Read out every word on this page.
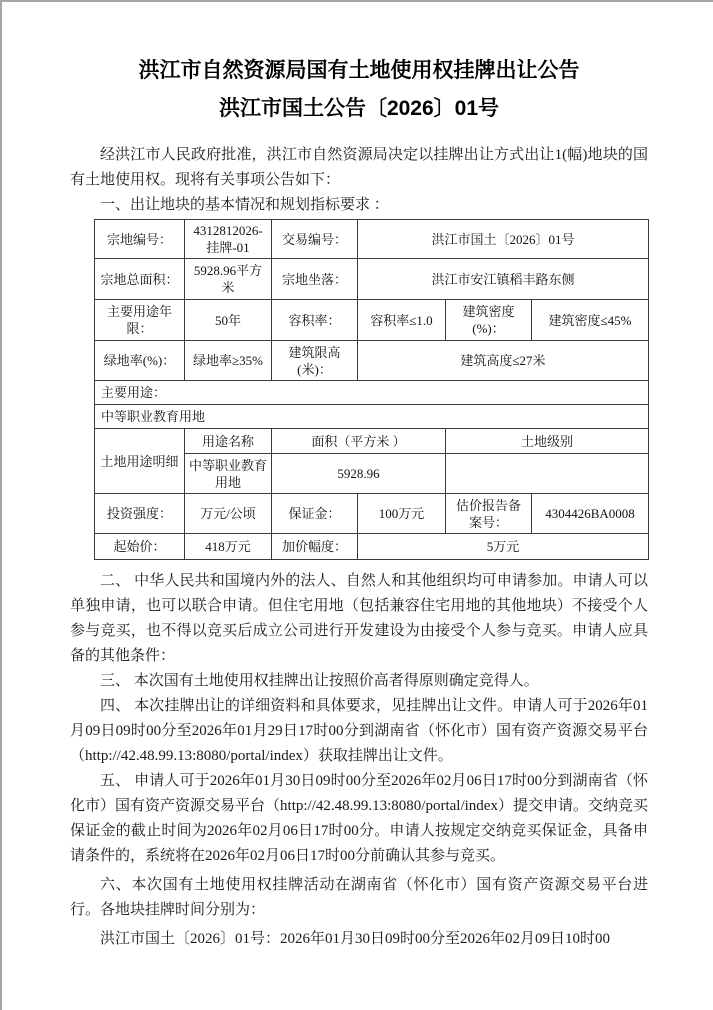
洪江市自然资源局国有土地使用权挂牌出让公告
洪江市国土公告〔2026〕01号

经洪江市人民政府批准，洪江市自然资源局决定以挂牌出让方式出让1(幅)地块的国有土地使用权。现将有关事项公告如下：

一、出让地块的基本情况和规划指标要求 ：

宗地编号：	4312812026-挂牌-01	交易编号：	洪江市国土〔2026〕01号		
宗地总面积：	5928.96平方米	宗地坐落：	洪江市安江镇稻丰路东侧		
主要用途年限：	50年	容积率：	容积率≤1.0	建筑密度(%)：	建筑密度≤45%
绿地率(%)：	绿地率≥35%	建筑限高(米)：	建筑高度≤27米		
主要用途：					
中等职业教育用地					
土地用途明细	用途名称	面积（平方米 ）		土地级别	
	中等职业教育用地	5928.96			
投资强度：	万元/公顷	保证金：	100万元	估价报告备案号：	4304426BA0008
起始价：	418万元	加价幅度：	5万元		

二、 中华人民共和国境内外的法人、自然人和其他组织均可申请参加。申请人可以单独申请，也可以联合申请。但住宅用地（包括兼容住宅用地的其他地块）不接受个人参与竞买，也不得以竞买后成立公司进行开发建设为由接受个人参与竞买。申请人应具备的其他条件：

三、 本次国有土地使用权挂牌出让按照价高者得原则确定竞得人。

四、 本次挂牌出让的详细资料和具体要求，见挂牌出让文件。申请人可于2026年01月09日09时00分至2026年01月29日17时00分到湖南省（怀化市）国有资产资源交易平台（http://42.48.99.13:8080/portal/index）获取挂牌出让文件。

五、 申请人可于2026年01月30日09时00分至2026年02月06日17时00分到湖南省（怀化市）国有资产资源交易平台（http://42.48.99.13:8080/portal/index）提交申请。交纳竞买保证金的截止时间为2026年02月06日17时00分。申请人按规定交纳竞买保证金，具备申请条件的，系统将在2026年02月06日17时00分前确认其参与竞买。

六、本次国有土地使用权挂牌活动在湖南省（怀化市）国有资产资源交易平台进行。各地块挂牌时间分别为：

洪江市国土〔2026〕01号：2026年01月30日09时00分至2026年02月09日10时00
